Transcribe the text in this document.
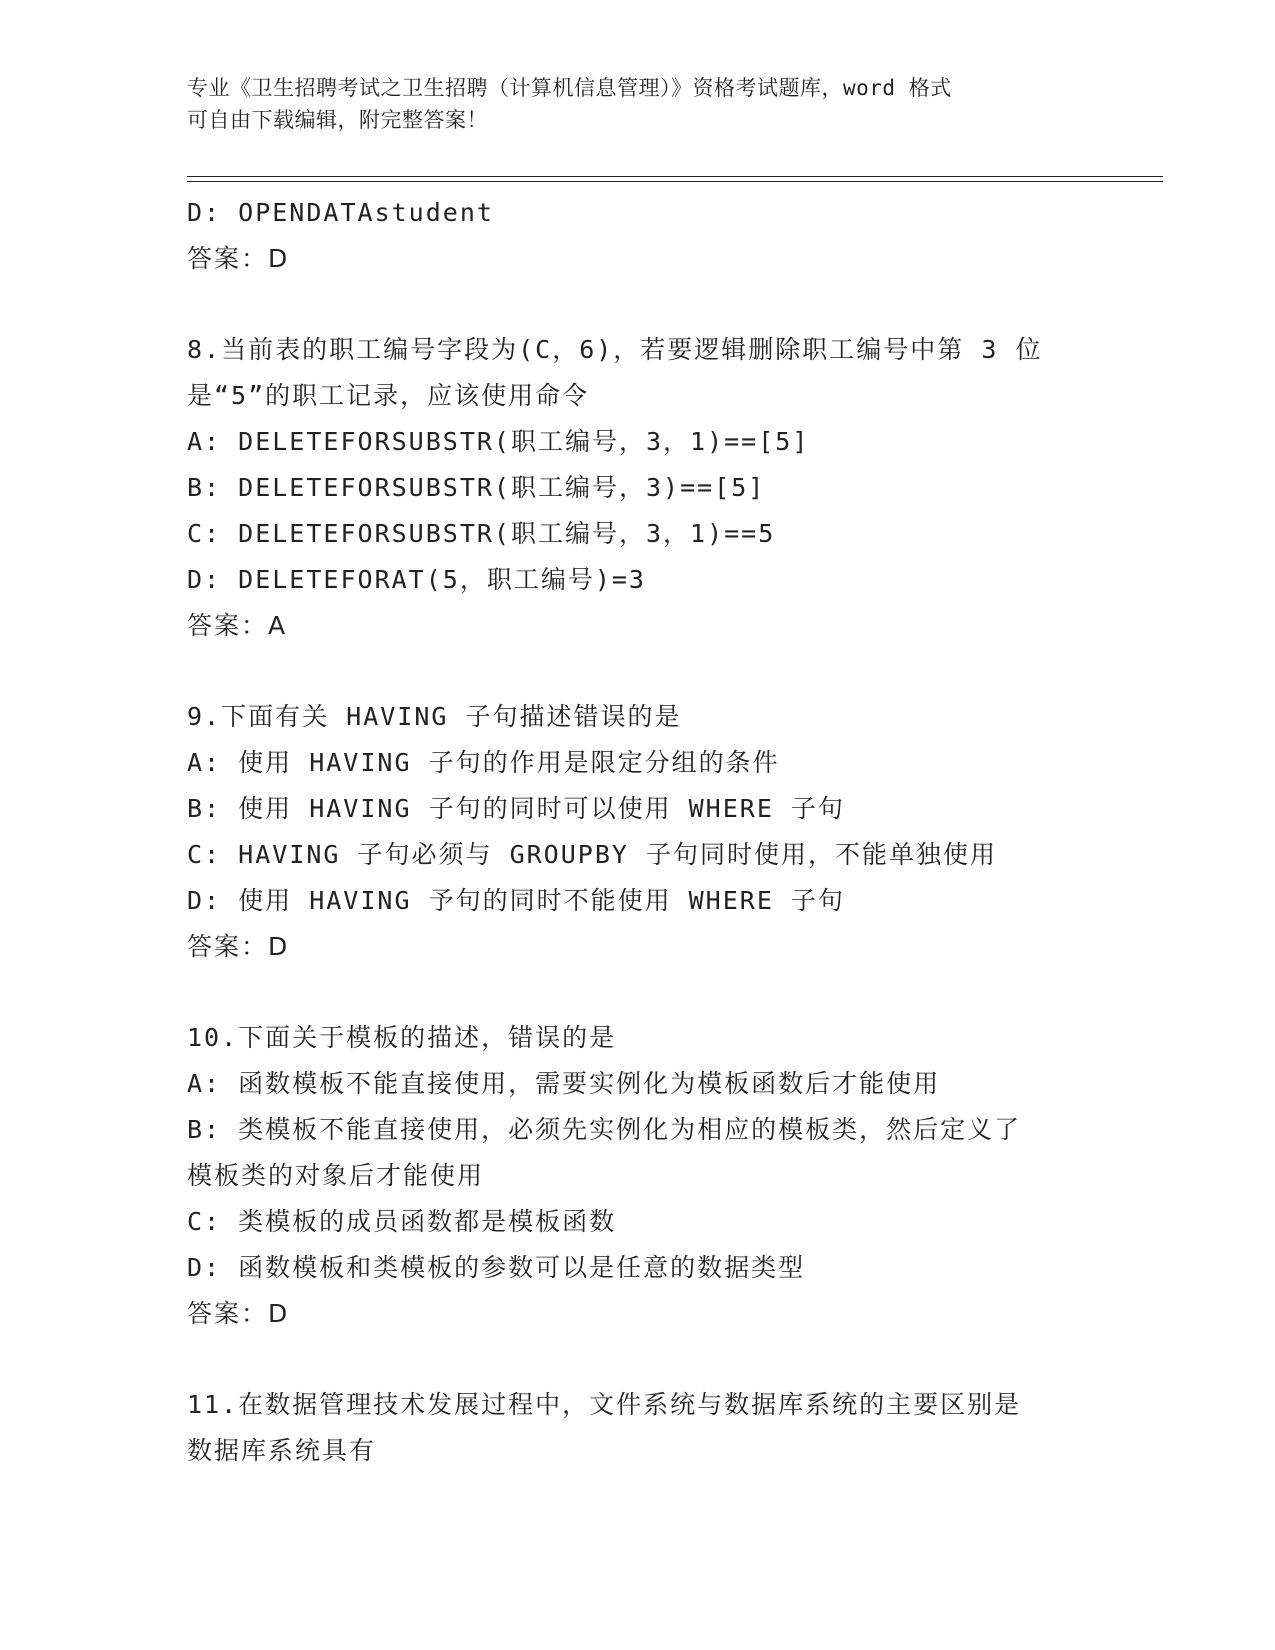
专业《卫生招聘考试之卫生招聘（计算机信息管理）》资格考试题库，word 格式
可自由下载编辑，附完整答案！
D: OPENDATAstudent
答案：D
8.当前表的职工编号字段为(C，6)，若要逻辑删除职工编号中第 3 位
是“5”的职工记录，应该使用命令
A: DELETEFORSUBSTR(职工编号，3，1)==[5]
B: DELETEFORSUBSTR(职工编号，3)==[5]
C: DELETEFORSUBSTR(职工编号，3，1)==5
D: DELETEFORAT(5，职工编号)=3
答案：A
9.下面有关 HAVING 子句描述错误的是
A: 使用 HAVING 子句的作用是限定分组的条件
B: 使用 HAVING 子句的同时可以使用 WHERE 子句
C: HAVING 子句必须与 GROUPBY 子句同时使用，不能单独使用
D: 使用 HAVING 予句的同时不能使用 WHERE 子句
答案：D
10.下面关于模板的描述，错误的是
A: 函数模板不能直接使用，需要实例化为模板函数后才能使用
B: 类模板不能直接使用，必须先实例化为相应的模板类，然后定义了
模板类的对象后才能使用
C: 类模板的成员函数都是模板函数
D: 函数模板和类模板的参数可以是任意的数据类型
答案：D
11.在数据管理技术发展过程中，文件系统与数据库系统的主要区别是
数据库系统具有
